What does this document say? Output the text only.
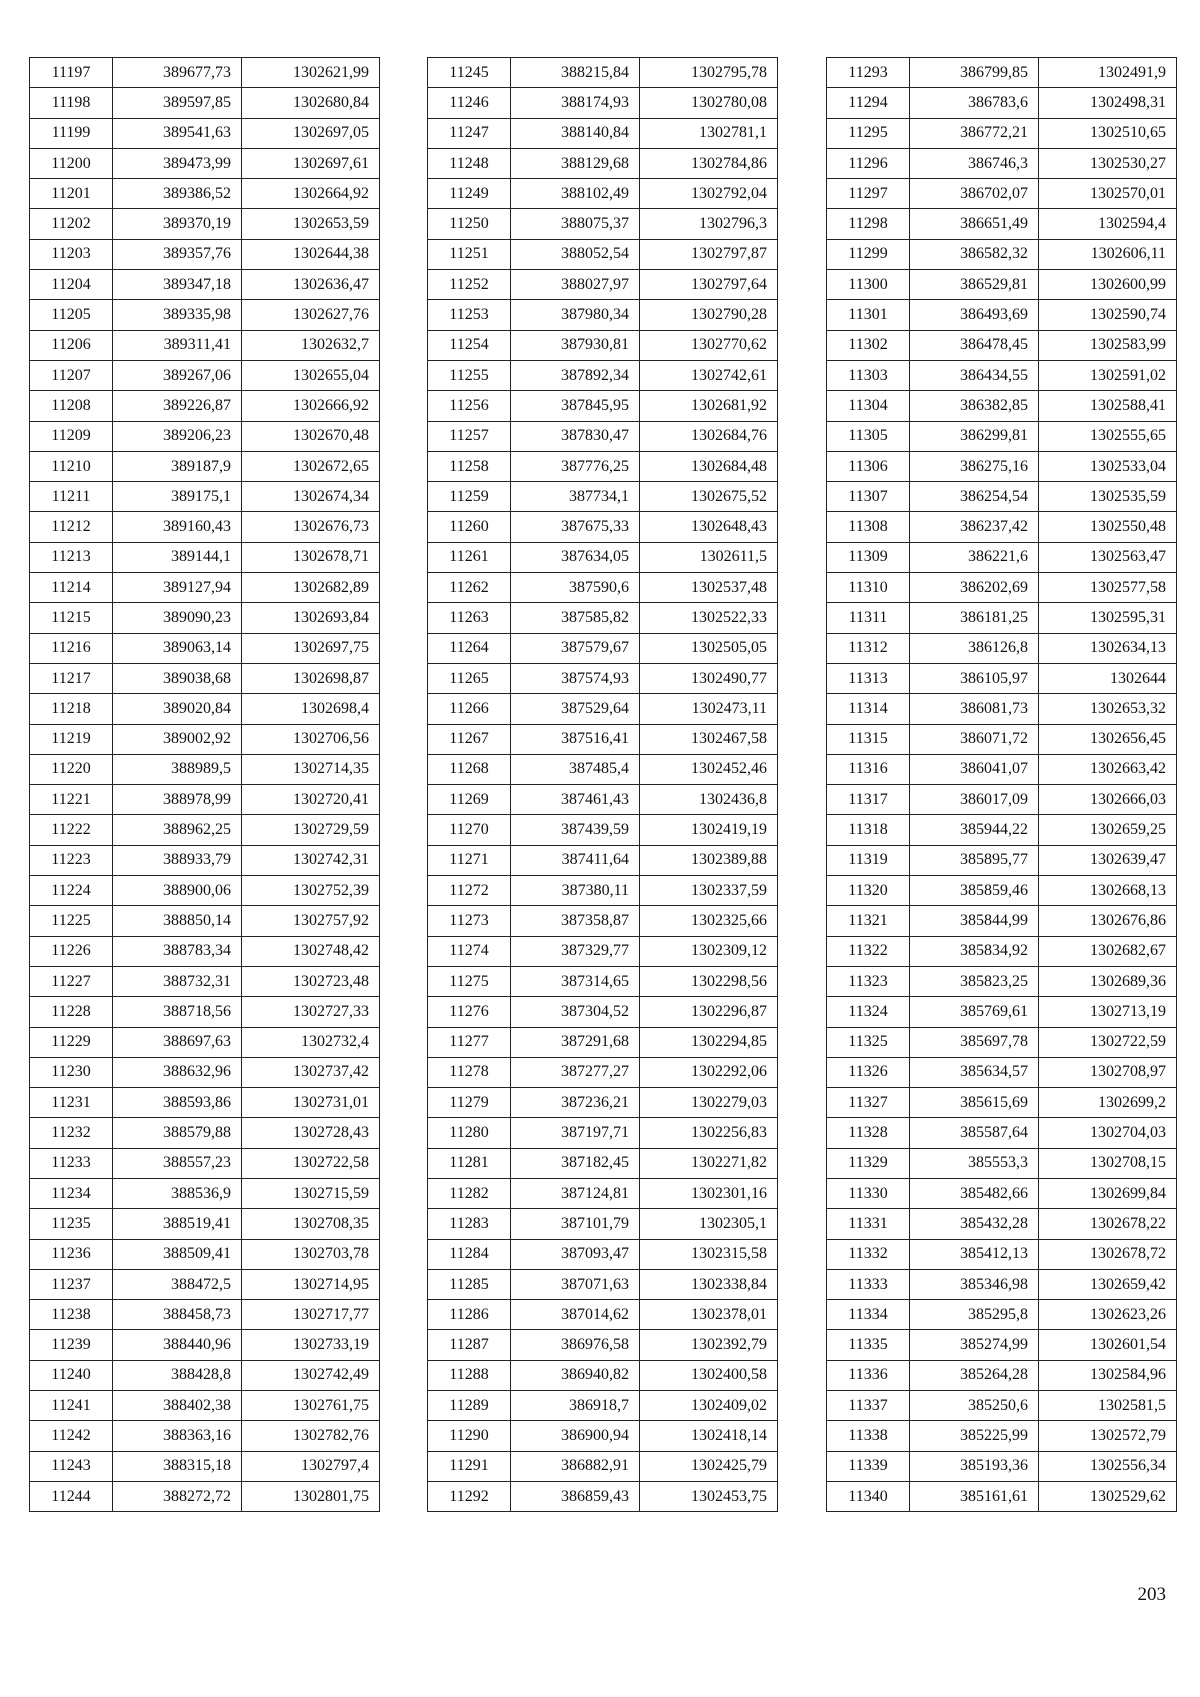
11197	389677,73	1302621,99
11198	389597,85	1302680,84
11199	389541,63	1302697,05
11200	389473,99	1302697,61
11201	389386,52	1302664,92
11202	389370,19	1302653,59
11203	389357,76	1302644,38
11204	389347,18	1302636,47
11205	389335,98	1302627,76
11206	389311,41	1302632,7
11207	389267,06	1302655,04
11208	389226,87	1302666,92
11209	389206,23	1302670,48
11210	389187,9	1302672,65
11211	389175,1	1302674,34
11212	389160,43	1302676,73
11213	389144,1	1302678,71
11214	389127,94	1302682,89
11215	389090,23	1302693,84
11216	389063,14	1302697,75
11217	389038,68	1302698,87
11218	389020,84	1302698,4
11219	389002,92	1302706,56
11220	388989,5	1302714,35
11221	388978,99	1302720,41
11222	388962,25	1302729,59
11223	388933,79	1302742,31
11224	388900,06	1302752,39
11225	388850,14	1302757,92
11226	388783,34	1302748,42
11227	388732,31	1302723,48
11228	388718,56	1302727,33
11229	388697,63	1302732,4
11230	388632,96	1302737,42
11231	388593,86	1302731,01
11232	388579,88	1302728,43
11233	388557,23	1302722,58
11234	388536,9	1302715,59
11235	388519,41	1302708,35
11236	388509,41	1302703,78
11237	388472,5	1302714,95
11238	388458,73	1302717,77
11239	388440,96	1302733,19
11240	388428,8	1302742,49
11241	388402,38	1302761,75
11242	388363,16	1302782,76
11243	388315,18	1302797,4
11244	388272,72	1302801,75
11245	388215,84	1302795,78
11246	388174,93	1302780,08
11247	388140,84	1302781,1
11248	388129,68	1302784,86
11249	388102,49	1302792,04
11250	388075,37	1302796,3
11251	388052,54	1302797,87
11252	388027,97	1302797,64
11253	387980,34	1302790,28
11254	387930,81	1302770,62
11255	387892,34	1302742,61
11256	387845,95	1302681,92
11257	387830,47	1302684,76
11258	387776,25	1302684,48
11259	387734,1	1302675,52
11260	387675,33	1302648,43
11261	387634,05	1302611,5
11262	387590,6	1302537,48
11263	387585,82	1302522,33
11264	387579,67	1302505,05
11265	387574,93	1302490,77
11266	387529,64	1302473,11
11267	387516,41	1302467,58
11268	387485,4	1302452,46
11269	387461,43	1302436,8
11270	387439,59	1302419,19
11271	387411,64	1302389,88
11272	387380,11	1302337,59
11273	387358,87	1302325,66
11274	387329,77	1302309,12
11275	387314,65	1302298,56
11276	387304,52	1302296,87
11277	387291,68	1302294,85
11278	387277,27	1302292,06
11279	387236,21	1302279,03
11280	387197,71	1302256,83
11281	387182,45	1302271,82
11282	387124,81	1302301,16
11283	387101,79	1302305,1
11284	387093,47	1302315,58
11285	387071,63	1302338,84
11286	387014,62	1302378,01
11287	386976,58	1302392,79
11288	386940,82	1302400,58
11289	386918,7	1302409,02
11290	386900,94	1302418,14
11291	386882,91	1302425,79
11292	386859,43	1302453,75
11293	386799,85	1302491,9
11294	386783,6	1302498,31
11295	386772,21	1302510,65
11296	386746,3	1302530,27
11297	386702,07	1302570,01
11298	386651,49	1302594,4
11299	386582,32	1302606,11
11300	386529,81	1302600,99
11301	386493,69	1302590,74
11302	386478,45	1302583,99
11303	386434,55	1302591,02
11304	386382,85	1302588,41
11305	386299,81	1302555,65
11306	386275,16	1302533,04
11307	386254,54	1302535,59
11308	386237,42	1302550,48
11309	386221,6	1302563,47
11310	386202,69	1302577,58
11311	386181,25	1302595,31
11312	386126,8	1302634,13
11313	386105,97	1302644
11314	386081,73	1302653,32
11315	386071,72	1302656,45
11316	386041,07	1302663,42
11317	386017,09	1302666,03
11318	385944,22	1302659,25
11319	385895,77	1302639,47
11320	385859,46	1302668,13
11321	385844,99	1302676,86
11322	385834,92	1302682,67
11323	385823,25	1302689,36
11324	385769,61	1302713,19
11325	385697,78	1302722,59
11326	385634,57	1302708,97
11327	385615,69	1302699,2
11328	385587,64	1302704,03
11329	385553,3	1302708,15
11330	385482,66	1302699,84
11331	385432,28	1302678,22
11332	385412,13	1302678,72
11333	385346,98	1302659,42
11334	385295,8	1302623,26
11335	385274,99	1302601,54
11336	385264,28	1302584,96
11337	385250,6	1302581,5
11338	385225,99	1302572,79
11339	385193,36	1302556,34
11340	385161,61	1302529,62
203
